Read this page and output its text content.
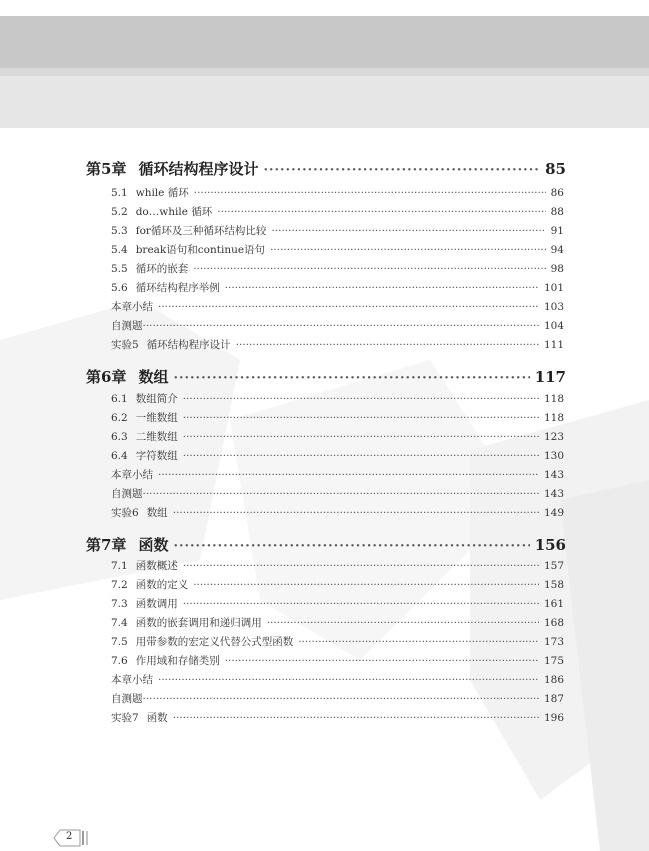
第5章 循环结构程序设计 ·····	85
5.1 while 循环 ·····	86
5.2 do…while 循环 ·····	88
5.3 for循环及三种循环结构比较 ·····	91
5.4 break语句和continue语句 ·····	94
5.5 循环的嵌套 ·····	98
5.6 循环结构程序举例 ·····	101
本章小结 ·····	103
自测题 ·····	104
实验5 循环结构程序设计 ·····	111
第6章 数组 ·····	117
6.1 数组简介 ·····	118
6.2 一维数组 ·····	118
6.3 二维数组 ·····	123
6.4 字符数组 ·····	130
本章小结 ·····	143
自测题 ·····	143
实验6 数组 ·····	149
第7章 函数 ·····	156
7.1 函数概述 ·····	157
7.2 函数的定义 ·····	158
7.3 函数调用 ·····	161
7.4 函数的嵌套调用和递归调用 ·····	168
7.5 用带参数的宏定义代替公式型函数 ·····	173
7.6 作用域和存储类别 ·····	175
本章小结 ·····	186
自测题 ·····	187
实验7 函数 ·····	196
2
